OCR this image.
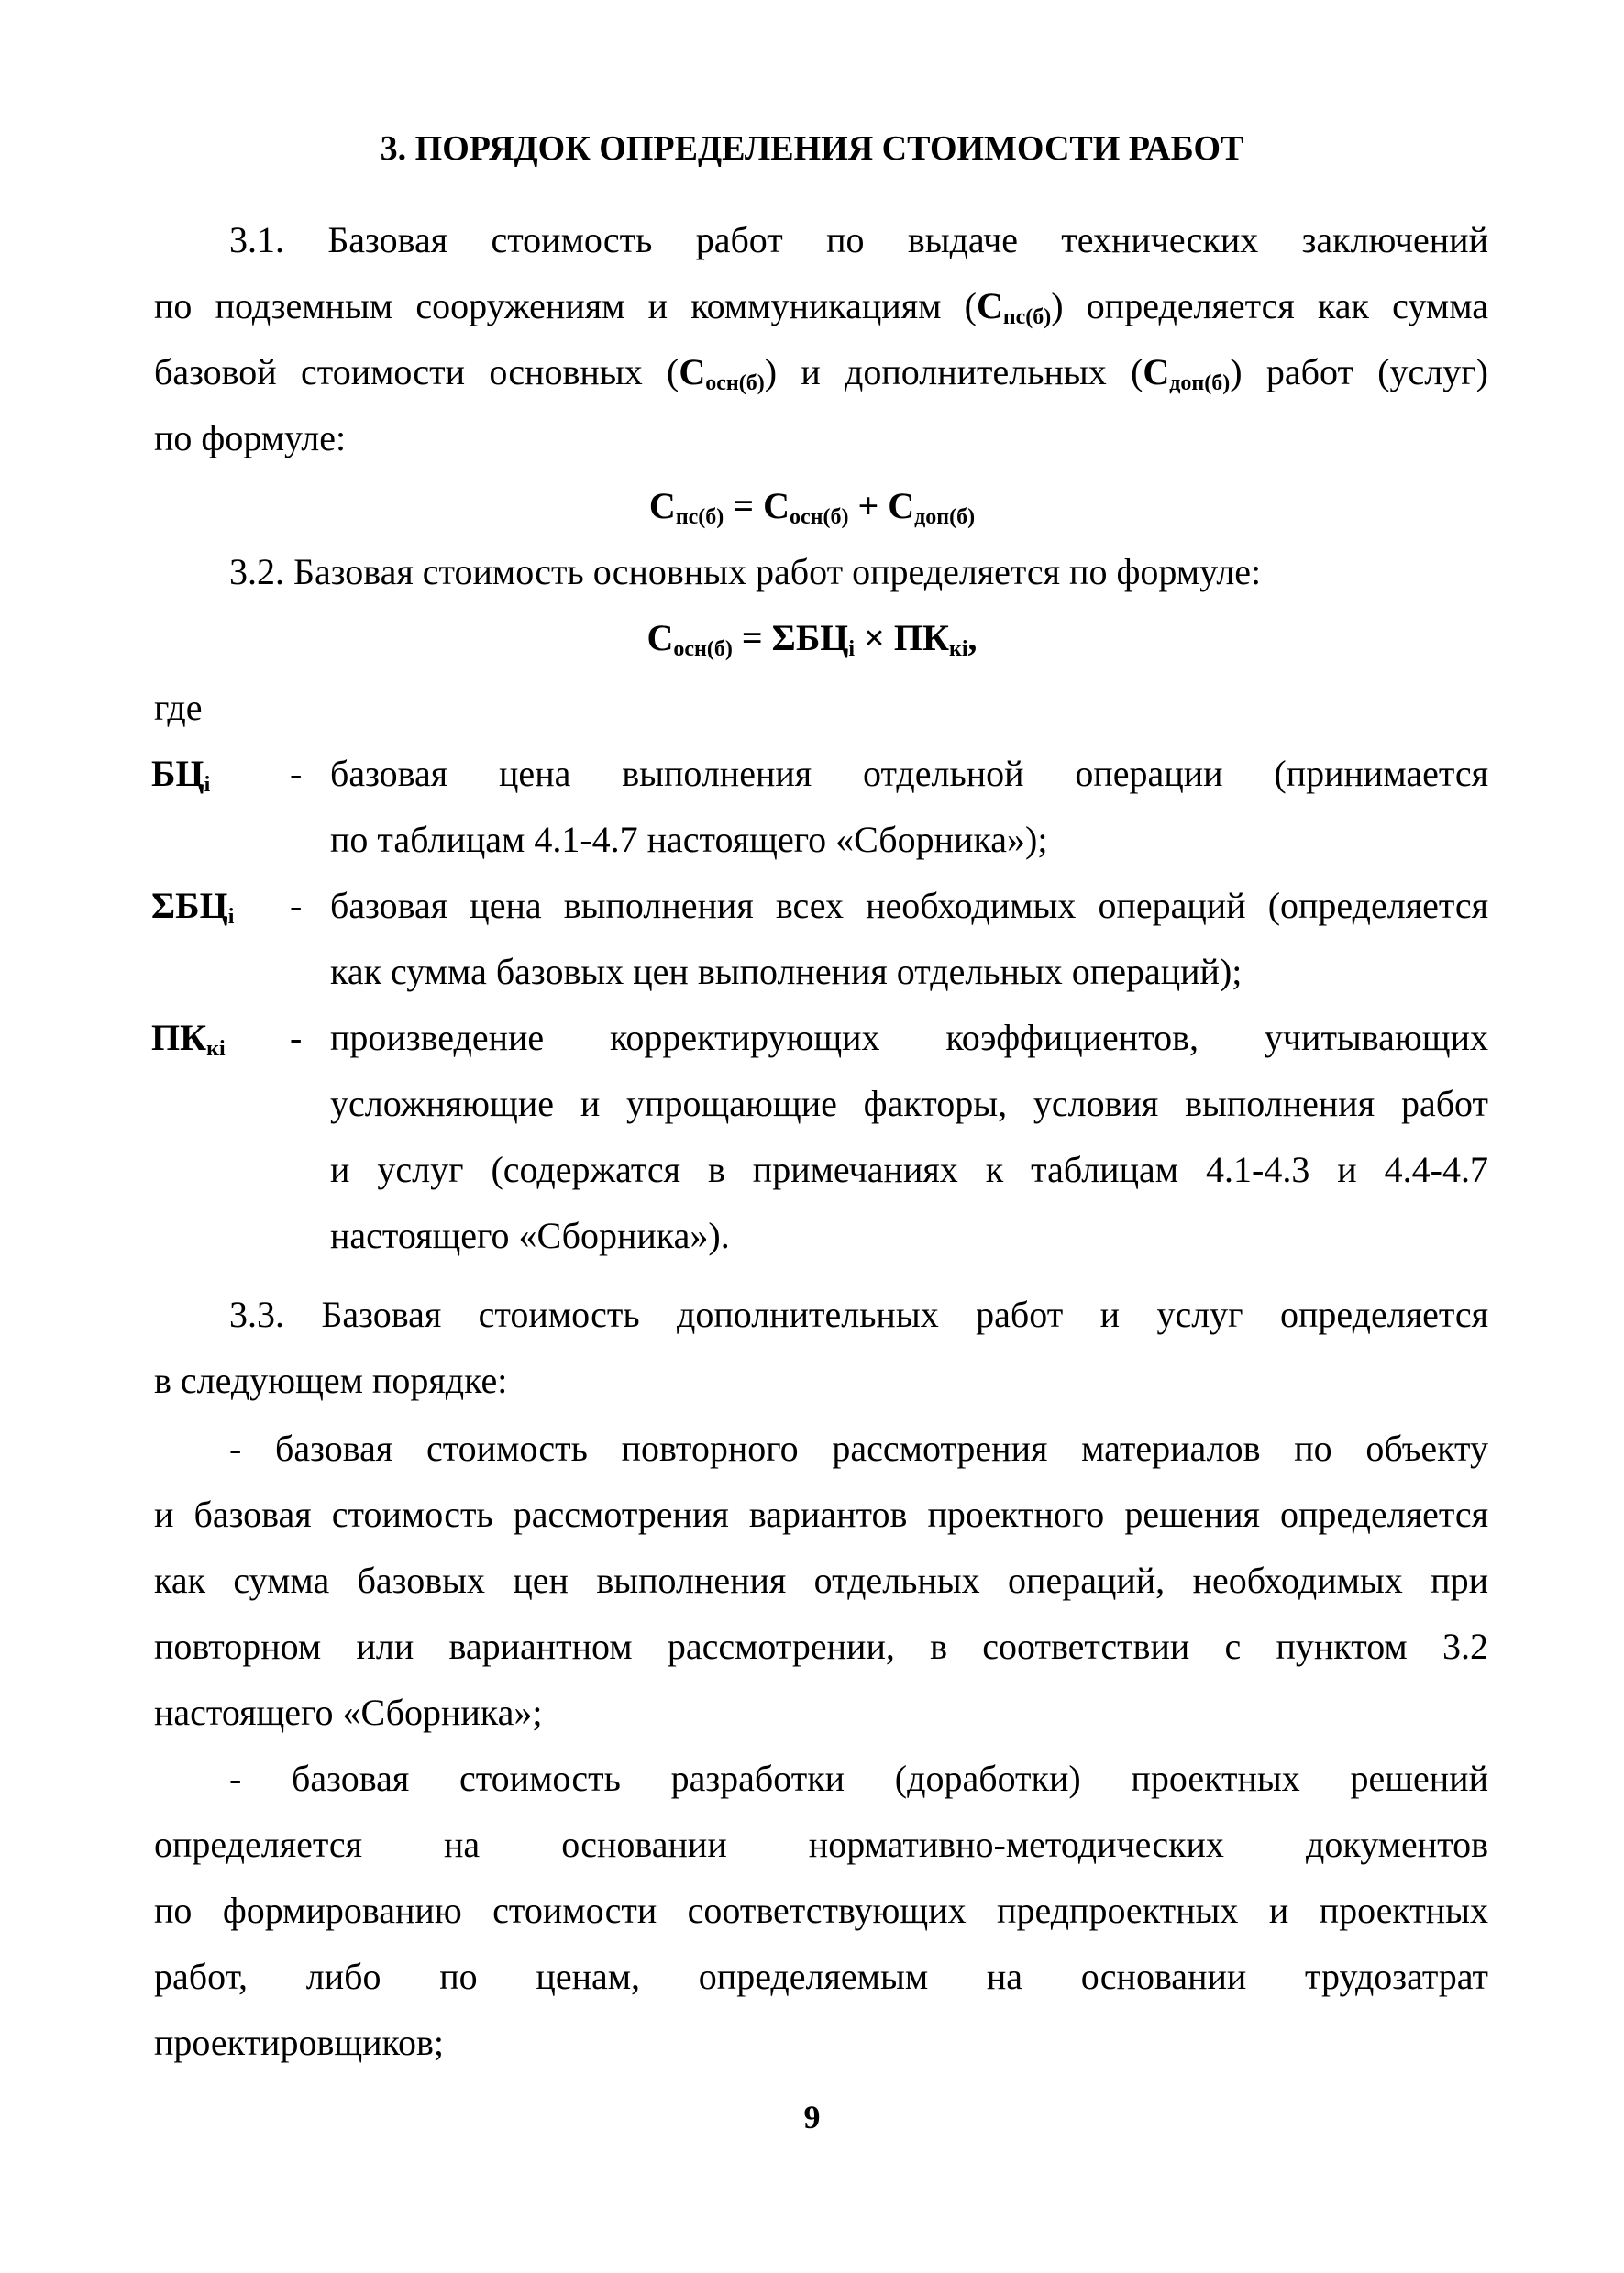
3. ПОРЯДОК ОПРЕДЕЛЕНИЯ СТОИМОСТИ РАБОТ
3.1. Базовая стоимость работ по выдаче технических заключений
по подземным сооружениям и коммуникациям $(С_{пс(б)})$ определяется как сумма
базовой стоимости основных $(С_{осн(б)})$ и дополнительных $(С_{доп(б)})$ работ (услуг)
по формуле:
$С_{пс(б)} = С_{осн(б)} + С_{доп(б)}$
3.2. Базовая стоимость основных работ определяется по формуле:
$С_{осн(б)} = \Sigma БЦ_i \times ПК_{кi}$,
где
$БЦ_i$ - базовая цена выполнения отдельной операции (принимается
по таблицам 4.1-4.7 настоящего «Сборника»);
$\Sigma БЦ_i$ - базовая цена выполнения всех необходимых операций (определяется
как сумма базовых цен выполнения отдельных операций);
$ПК_{кi}$ - произведение корректирующих коэффициентов, учитывающих
усложняющие и упрощающие факторы, условия выполнения работ
и услуг (содержатся в примечаниях к таблицам 4.1-4.3 и 4.4-4.7
настоящего «Сборника»).
3.3. Базовая стоимость дополнительных работ и услуг определяется
в следующем порядке:
- базовая стоимость повторного рассмотрения материалов по объекту
и базовая стоимость рассмотрения вариантов проектного решения определяется
как сумма базовых цен выполнения отдельных операций, необходимых при
повторном или вариантном рассмотрении, в соответствии с пунктом 3.2
настоящего «Сборника»;
- базовая стоимость разработки (доработки) проектных решений
определяется на основании нормативно-методических документов
по формированию стоимости соответствующих предпроектных и проектных
работ, либо по ценам, определяемым на основании трудозатрат
проектировщиков;
9
